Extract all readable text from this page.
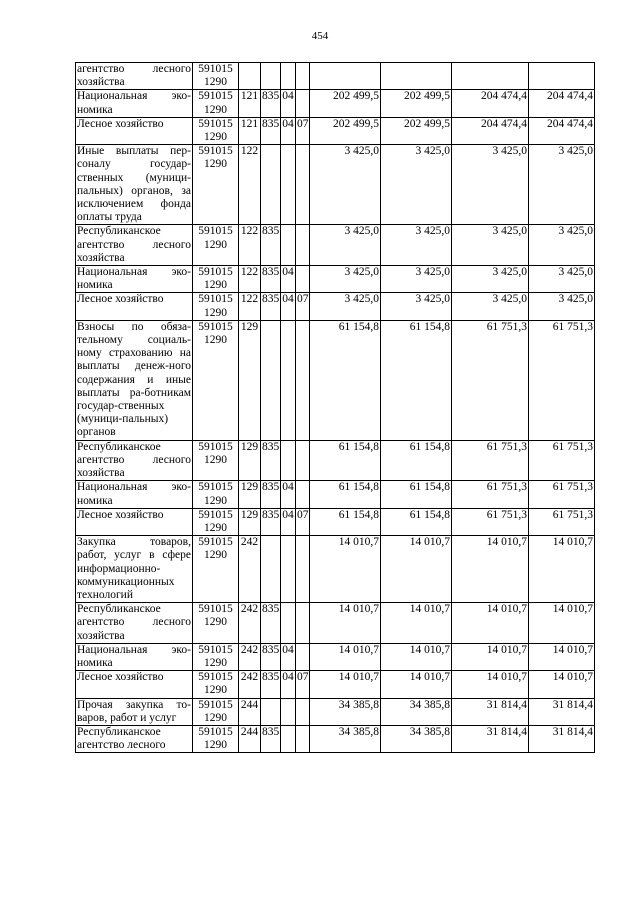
454
агентство лесного хозяйства	591015 1290								
Национальная эко-номика	591015 1290	121	835	04		202 499,5	202 499,5	204 474,4	204 474,4
Лесное хозяйство	591015 1290	121	835	04	07	202 499,5	202 499,5	204 474,4	204 474,4
Иные выплаты пер-соналу государ-ственных (муници-пальных) органов, за исключением фонда оплаты труда	591015 1290	122				3 425,0	3 425,0	3 425,0	3 425,0
Республиканское агентство лесного хозяйства	591015 1290	122	835			3 425,0	3 425,0	3 425,0	3 425,0
Национальная эко-номика	591015 1290	122	835	04		3 425,0	3 425,0	3 425,0	3 425,0
Лесное хозяйство	591015 1290	122	835	04	07	3 425,0	3 425,0	3 425,0	3 425,0
Взносы по обяза-тельному социаль-ному страхованию на выплаты денеж-ного содержания и иные выплаты ра-ботникам государ-ственных (муници-пальных) органов	591015 1290	129				61 154,8	61 154,8	61 751,3	61 751,3
Республиканское агентство лесного хозяйства	591015 1290	129	835			61 154,8	61 154,8	61 751,3	61 751,3
Национальная эко-номика	591015 1290	129	835	04		61 154,8	61 154,8	61 751,3	61 751,3
Лесное хозяйство	591015 1290	129	835	04	07	61 154,8	61 154,8	61 751,3	61 751,3
Закупка товаров, работ, услуг в сфере информационно-коммуникационных технологий	591015 1290	242				14 010,7	14 010,7	14 010,7	14 010,7
Республиканское агентство лесного хозяйства	591015 1290	242	835			14 010,7	14 010,7	14 010,7	14 010,7
Национальная эко-номика	591015 1290	242	835	04		14 010,7	14 010,7	14 010,7	14 010,7
Лесное хозяйство	591015 1290	242	835	04	07	14 010,7	14 010,7	14 010,7	14 010,7
Прочая закупка то-варов, работ и услуг	591015 1290	244				34 385,8	34 385,8	31 814,4	31 814,4
Республиканское агентство лесного	591015 1290	244	835			34 385,8	34 385,8	31 814,4	31 814,4
